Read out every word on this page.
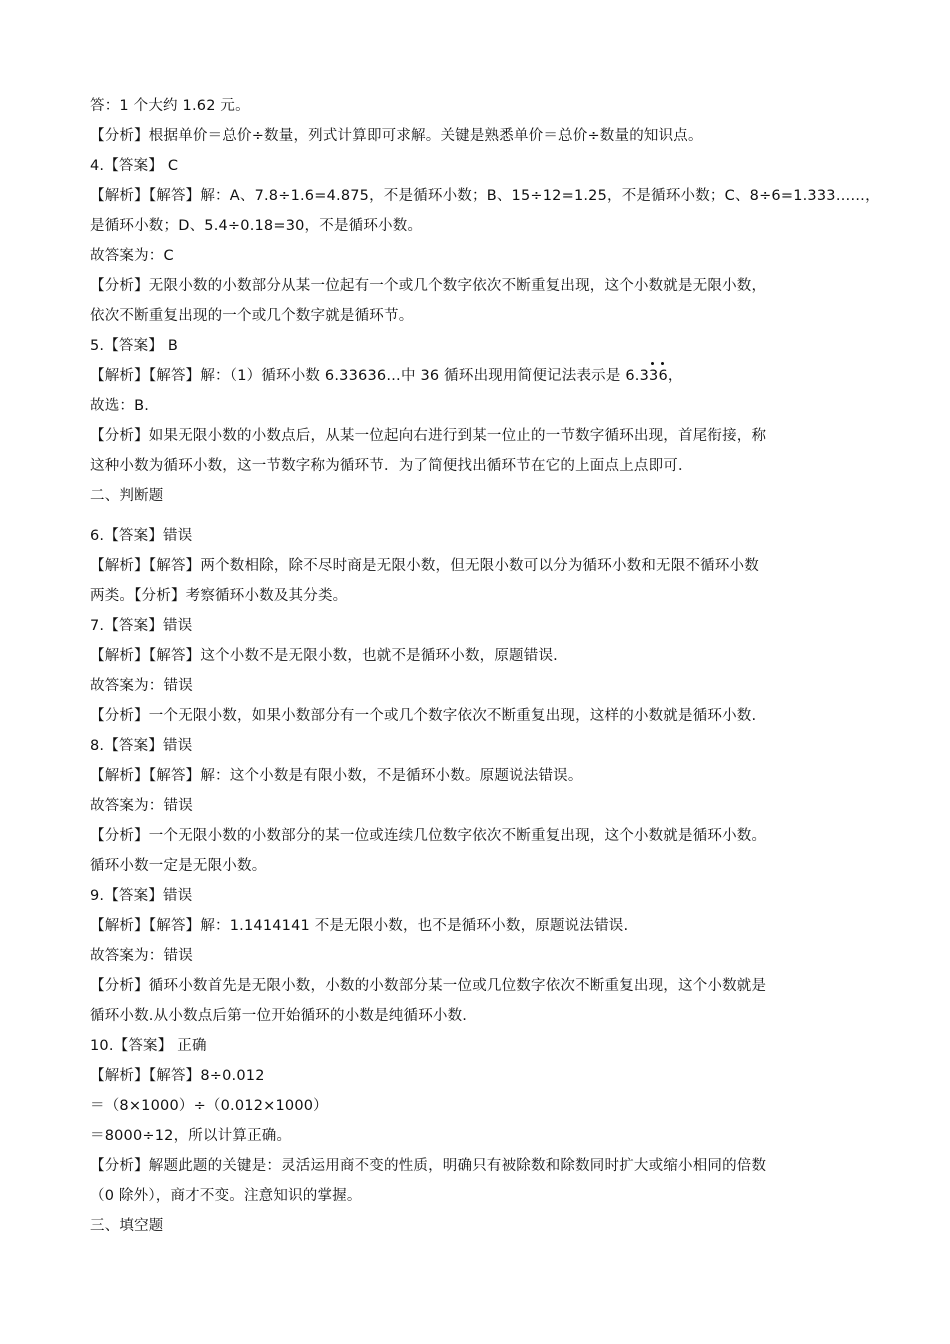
答：1 个大约 1.62 元。
【分析】根据单价＝总价÷数量，列式计算即可求解。关键是熟悉单价＝总价÷数量的知识点。
4.【答案】 C
【解析】【解答】解：A、7.8÷1.6=4.875，不是循环小数；B、15÷12=1.25，不是循环小数；C、8÷6=1.333……，
是循环小数；D、5.4÷0.18=30，不是循环小数。
故答案为：C
【分析】无限小数的小数部分从某一位起有一个或几个数字依次不断重复出现，这个小数就是无限小数，
依次不断重复出现的一个或几个数字就是循环节。
5.【答案】 B
【解析】【解答】解：（1）循环小数 6.33636…中 36 循环出现用简便记法表示是 6.3
36，
故选：B.
【分析】如果无限小数的小数点后，从某一位起向右进行到某一位止的一节数字循环出现，首尾衔接，称
这种小数为循环小数，这一节数字称为循环节．为了简便找出循环节在它的上面点上点即可．
二、判断题
6.【答案】错误
【解析】【解答】两个数相除，除不尽时商是无限小数，但无限小数可以分为循环小数和无限不循环小数
两类。【分析】考察循环小数及其分类。
7.【答案】错误
【解析】【解答】这个小数不是无限小数，也就不是循环小数，原题错误.
故答案为：错误
【分析】一个无限小数，如果小数部分有一个或几个数字依次不断重复出现，这样的小数就是循环小数.
8.【答案】错误
【解析】【解答】解：这个小数是有限小数，不是循环小数。原题说法错误。
故答案为：错误
【分析】一个无限小数的小数部分的某一位或连续几位数字依次不断重复出现，这个小数就是循环小数。
循环小数一定是无限小数。
9.【答案】错误
【解析】【解答】解：1.1414141 不是无限小数，也不是循环小数，原题说法错误.
故答案为：错误
【分析】循环小数首先是无限小数，小数的小数部分某一位或几位数字依次不断重复出现，这个小数就是
循环小数.从小数点后第一位开始循环的小数是纯循环小数.
10.【答案】 正确
【解析】【解答】8÷0.012
＝（8×1000）÷（0.012×1000）
＝8000÷12，所以计算正确。
【分析】解题此题的关键是：灵活运用商不变的性质，明确只有被除数和除数同时扩大或缩小相同的倍数
（0 除外），商才不变。注意知识的掌握。
三、填空题
